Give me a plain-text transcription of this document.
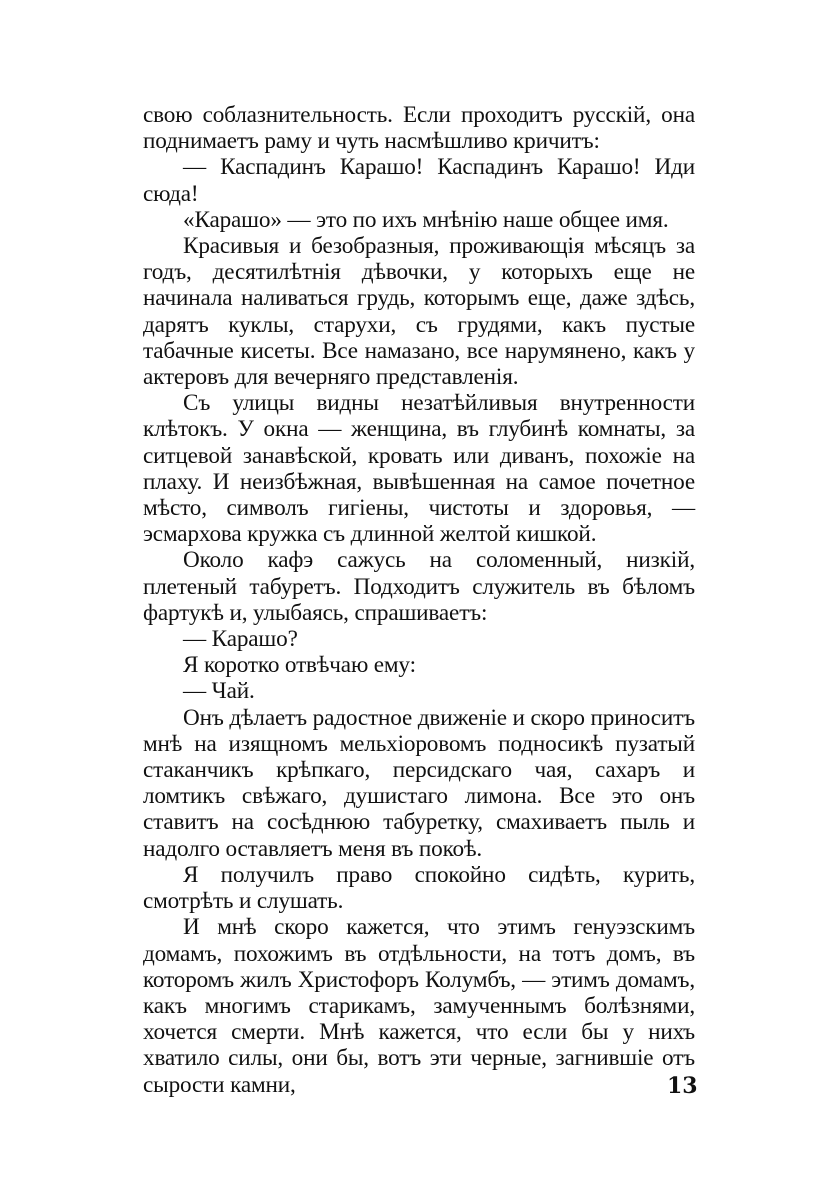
свою соблазнительность. Если проходитъ русскій, она поднимаетъ раму и чуть насмѣшливо кричитъ:

— Каспадинъ Карашо! Каспадинъ Карашо! Иди сюда!

«Карашо» — это по ихъ мнѣнію наше общее имя.

Красивыя и безобразныя, проживающія мѣсяцъ за годъ, десятилѣтнія дѣвочки, у которыхъ еще не начинала наливаться грудь, которымъ еще, даже здѣсь, дарятъ куклы, старухи, съ грудями, какъ пустые табачные кисеты. Все намазано, все нарумянено, какъ у актеровъ для вечерняго представленія.

Съ улицы видны незатѣйливыя внутренности клѣтокъ. У окна — женщина, въ глубинѣ комнаты, за ситцевой занавѣской, кровать или диванъ, похожіе на плаху. И неизбѣжная, вывѣшенная на самое почетное мѣсто, символъ гигіены, чистоты и здоровья, — эсмархова кружка съ длинной желтой кишкой.

Около кафэ сажусь на соломенный, низкій, плетеный табуретъ. Подходитъ служитель въ бѣломъ фартукѣ и, улыбаясь, спрашиваетъ:

— Карашо?

Я коротко отвѣчаю ему:

— Чай.

Онъ дѣлаетъ радостное движеніе и скоро приноситъ мнѣ на изящномъ мельхіоровомъ подносикѣ пузатый стаканчикъ крѣпкаго, персидскаго чая, сахаръ и ломтикъ свѣжаго, душистаго лимона. Все это онъ ставитъ на сосѣднюю табуретку, смахиваетъ пыль и надолго оставляетъ меня въ покоѣ.

Я получилъ право спокойно сидѣть, курить, смотрѣть и слушать.

И мнѣ скоро кажется, что этимъ генуэзскимъ домамъ, похожимъ въ отдѣльности, на тотъ домъ, въ которомъ жилъ Христофоръ Колумбъ, — этимъ домамъ, какъ многимъ старикамъ, замученнымъ болѣзнями, хочется смерти. Мнѣ кажется, что если бы у нихъ хватило силы, они бы, вотъ эти черные, загнившіе отъ сырости камни,	13
